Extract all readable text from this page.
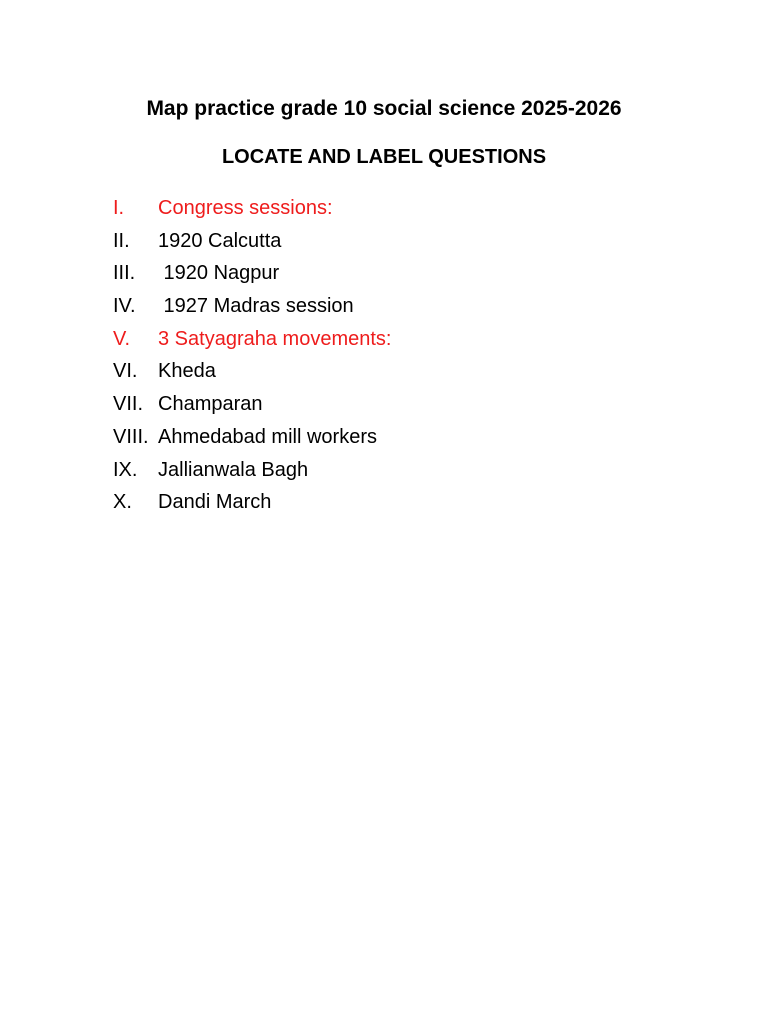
Map practice grade 10 social science 2025-2026
LOCATE AND LABEL QUESTIONS
I.	Congress sessions:
II.	1920 Calcutta
III.	1920 Nagpur
IV.	1927 Madras session
V.	3 Satyagraha movements:
VI.	Kheda
VII. Champaran
VIII. Ahmedabad mill workers
IX.	Jallianwala Bagh
X.	Dandi March
